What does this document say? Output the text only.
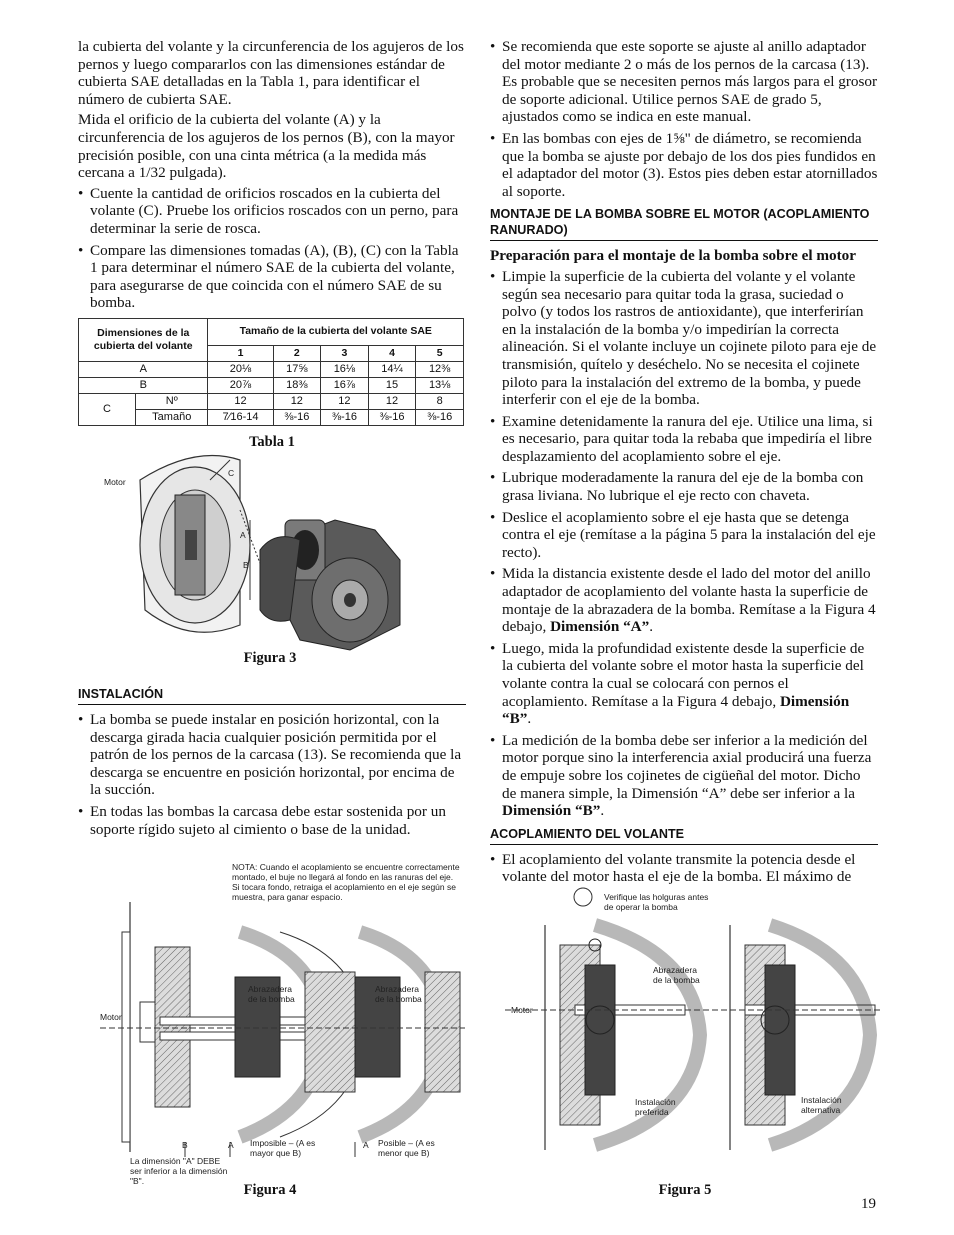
la cubierta del volante y la circunferencia de los agujeros de los pernos y luego compararlos con las dimensiones estándar de cubierta SAE detalladas en la Tabla 1, para identificar el número de cubierta SAE.

Mida el orificio de la cubierta del volante (A) y la circunferencia de los agujeros de los pernos (B), con la mayor precisión posible, con una cinta métrica (a la medida más cercana a 1/32 pulgada).

• Cuente la cantidad de orificios roscados en la cubierta del volante (C). Pruebe los orificios roscados con un perno, para determinar la serie de rosca.
• Compare las dimensiones tomadas (A), (B), (C) con la Tabla 1 para determinar el número SAE de la cubierta del volante, para asegurarse de que coincida con el número SAE de su bomba.
Dimensiones de la cubierta del volante		Tamaño de la cubierta del volante SAE				
		1	2	3	4	5
A		20⅛	17⅝	16⅛	14¼	12⅜
B		20⅞	18⅜	16⅞	15	13⅛
C	Nº	12	12	12	12	8
	Tamaño	7⁄16-14	⅜-16	⅜-16	⅜-16	⅜-16
Tabla 1
Motor
C
A
B
Figura 3
INSTALACIÓN
• La bomba se puede instalar en posición horizontal, con la descarga girada hacia cualquier posición permitida por el patrón de los pernos de la carcasa (13). Se recomienda que la descarga se encuentre en posición horizontal, por encima de la succión.
• En todas las bombas la carcasa debe estar sostenida por un soporte rígido sujeto al cimiento o base de la unidad.
• Se recomienda que este soporte se ajuste al anillo adaptador del motor mediante 2 o más de los pernos de la carcasa (13). Es probable que se necesiten pernos más largos para el grosor de soporte adicional. Utilice pernos SAE de grado 5, ajustados como se indica en este manual.
• En las bombas con ejes de 1⅝" de diámetro, se recomienda que la bomba se ajuste por debajo de los dos pies fundidos en el adaptador del motor (3). Estos pies deben estar atornillados al soporte.
MONTAJE DE LA BOMBA SOBRE EL MOTOR (ACOPLAMIENTO RANURADO)

Preparación para el montaje de la bomba sobre el motor

• Limpie la superficie de la cubierta del volante y el volante según sea necesario para quitar toda la grasa, suciedad o polvo (y todos los rastros de antioxidante), que interferirían en la instalación de la bomba y/o impedirían la correcta alineación. Si el volante incluye un cojinete piloto para eje de transmisión, quítelo y deséchelo. No se necesita el cojinete piloto para la instalación del extremo de la bomba, y puede interferir con el eje de la bomba.
• Examine detenidamente la ranura del eje. Utilice una lima, si es necesario, para quitar toda la rebaba que impediría el libre desplazamiento del acoplamiento sobre el eje.
• Lubrique moderadamente la ranura del eje de la bomba con grasa liviana. No lubrique el eje recto con chaveta.
• Deslice el acoplamiento sobre el eje hasta que se detenga contra el eje (remítase a la página 5 para la instalación del eje recto).
• Mida la distancia existente desde el lado del motor del anillo adaptador de acoplamiento del volante hasta la superficie de montaje de la abrazadera de la bomba. Remítase a la Figura 4 debajo, Dimensión “A”.
• Luego, mida la profundidad existente desde la superficie de la cubierta del volante sobre el motor hasta la superficie del volante contra la cual se colocará con pernos el acoplamiento. Remítase a la Figura 4 debajo, Dimensión “B”.
• La medición de la bomba debe ser inferior a la medición del motor porque sino la interferencia axial producirá una fuerza de empuje sobre los cojinetes de cigüeñal del motor. Dicho de manera simple, la Dimensión “A” debe ser inferior a la Dimensión “B”.
ACOPLAMIENTO DEL VOLANTE
• El acoplamiento del volante transmite la potencia desde el volante del motor hasta el eje de la bomba. El máximo de
NOTA: Cuando el acoplamiento se encuentre correctamente montado, el buje no llegará al fondo en las ranuras del eje. Si tocara fondo, retraiga el acoplamiento en el eje según se muestra, para ganar espacio.
Motor
Abrazadera de la bomba
Abrazadera de la bomba
B	A	A
Imposible – (A es mayor que B)
Posible – (A es menor que B)
La dimensión "A" DEBE ser inferior a la dimensión "B".
Figura 4
Verifique las holguras antes de operar la bomba
Motor
Abrazadera de la bomba
Instalación preferida
Instalación alternativa
Figura 5
19
